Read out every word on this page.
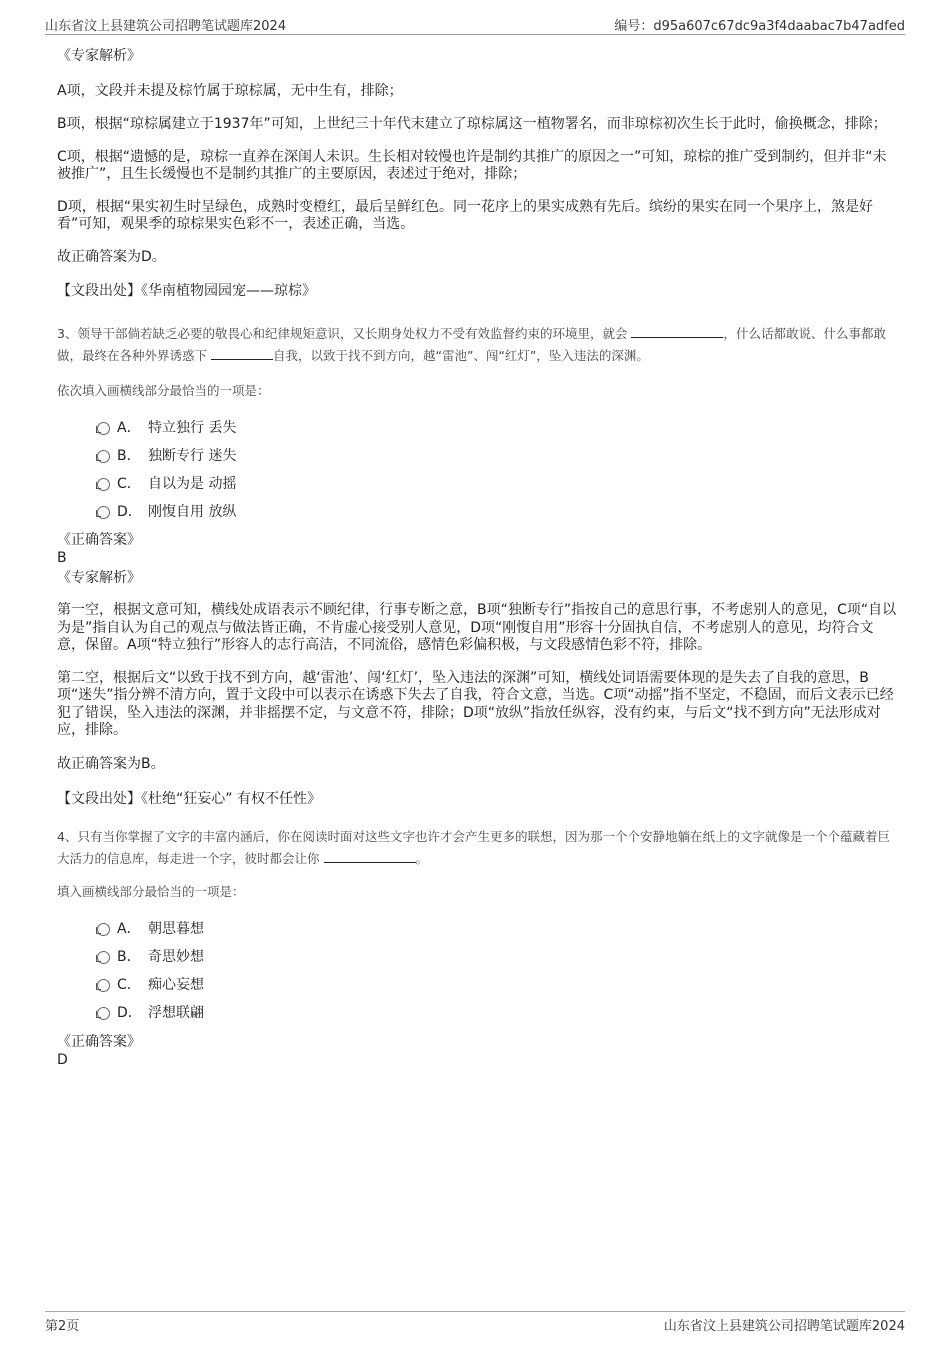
山东省汶上县建筑公司招聘笔试题库2024	编号：d95a607c67dc9a3f4daabac7b47adfed

《专家解析》

A项，文段并未提及棕竹属于琼棕属，无中生有，排除；

B项，根据“琼棕属建立于1937年”可知，上世纪三十年代末建立了琼棕属这一植物署名，而非琼棕初次生长于此时，偷换概念，排除；

C项，根据“遗憾的是，琼棕一直养在深闺人未识。生长相对较慢也许是制约其推广的原因之一”可知，琼棕的推广受到制约，但并非“未被推广”，且生长缓慢也不是制约其推广的主要原因，表述过于绝对，排除；

D项，根据“果实初生时呈绿色，成熟时变橙红，最后呈鲜红色。同一花序上的果实成熟有先后。缤纷的果实在同一个果序上，煞是好看”可知，观果季的琼棕果实色彩不一，表述正确，当选。

故正确答案为D。

【文段出处】《华南植物园园宠——琼棕》

3、领导干部倘若缺乏必要的敬畏心和纪律规矩意识，又长期身处权力不受有效监督约束的环境里，就会	，什么话都敢说、什么事都敢做，最终在各种外界诱惑下	自我，以致于找不到方向，越“雷池”、闯“红灯”，坠入违法的深渊。

依次填入画横线部分最恰当的一项是：

A． 特立独行 丢失
B． 独断专行 迷失
C． 自以为是 动摇
D． 刚愎自用 放纵

《正确答案》

B

《专家解析》

第一空，根据文意可知，横线处成语表示不顾纪律，行事专断之意，B项“独断专行”指按自己的意思行事，不考虑别人的意见，C项“自以为是”指自认为自己的观点与做法皆正确，不肯虚心接受别人意见，D项“刚愎自用”形容十分固执自信，不考虑别人的意见，均符合文意，保留。A项“特立独行”形容人的志行高洁，不同流俗，感情色彩偏积极，与文段感情色彩不符，排除。

第二空，根据后文“以致于找不到方向，越‘雷池’、闯‘红灯’，坠入违法的深渊”可知，横线处词语需要体现的是失去了自我的意思，B项“迷失”指分辨不清方向，置于文段中可以表示在诱惑下失去了自我，符合文意，当选。C项“动摇”指不坚定，不稳固，而后文表示已经犯了错误，坠入违法的深渊，并非摇摆不定，与文意不符，排除；D项“放纵”指放任纵容，没有约束，与后文“找不到方向”无法形成对应，排除。

故正确答案为B。

【文段出处】《杜绝“狂妄心” 有权不任性》

4、只有当你掌握了文字的丰富内涵后，你在阅读时面对这些文字也许才会产生更多的联想，因为那一个个安静地躺在纸上的文字就像是一个个蕴藏着巨大活力的信息库，每走进一个字，彼时都会让你	。

填入画横线部分最恰当的一项是：

A． 朝思暮想
B． 奇思妙想
C． 痴心妄想
D． 浮想联翩

《正确答案》

D

第2页	山东省汶上县建筑公司招聘笔试题库2024
